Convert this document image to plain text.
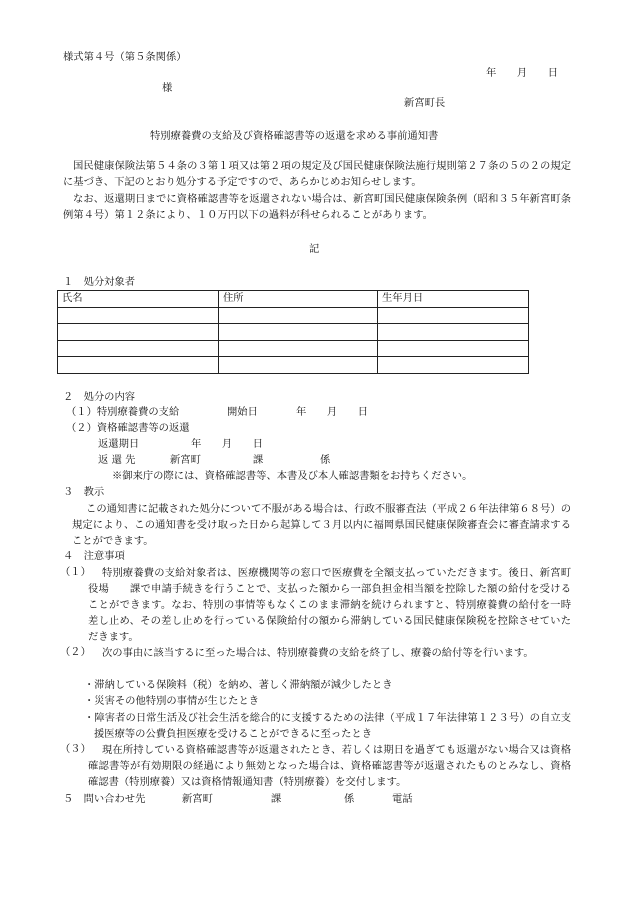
様式第４号（第５条関係）
年　　月　　日
様
新宮町長
特別療養費の支給及び資格確認書等の返還を求める事前通知書
国民健康保険法第５４条の３第１項又は第２項の規定及び国民健康保険法施行規則第２７条の５の２の規定に基づき、下記のとおり処分する予定ですので、あらかじめお知らせします。
なお、返還期日までに資格確認書等を返還されない場合は、新宮町国民健康保険条例（昭和３５年新宮町条例第４号）第１２条により、１０万円以下の過料が科せられることがあります。
記
１　処分対象者
氏名	住所	生年月日

２　処分の内容
（１）特別療養費の支給	開始日	年　　月　　日
（２）資格確認書等の返還
返還期日	年　　月　　日
返 還 先	新宮町	課	係
※御来庁の際には、資格確認書等、本書及び本人確認書類をお持ちください。
３　教示
この通知書に記載された処分について不服がある場合は、行政不服審査法（平成２６年法律第６８号）の規定により、この通知書を受け取った日から起算して３月以内に福岡県国民健康保険審査会に審査請求することができます。
４　注意事項
（１）	特別療養費の支給対象者は、医療機関等の窓口で医療費を全額支払っていただきます。後日、新宮町役場　　課で申請手続きを行うことで、支払った額から一部負担金相当額を控除した額の給付を受けることができます。なお、特別の事情等もなくこのまま滞納を続けられますと、特別療養費の給付を一時差し止め、その差し止めを行っている保険給付の額から滞納している国民健康保険税を控除させていただきます。
（２）	次の事由に該当するに至った場合は、特別療養費の支給を終了し、療養の給付等を行います。
・滞納している保険料（税）を納め、著しく滞納額が減少したとき
・災害その他特別の事情が生じたとき
・障害者の日常生活及び社会生活を総合的に支援するための法律（平成１７年法律第１２３号）の自立支援医療等の公費負担医療を受けることができるに至ったとき
（３）	現在所持している資格確認書等が返還されたとき、若しくは期日を過ぎても返還がない場合又は資格確認書等が有効期限の経過により無効となった場合は、資格確認書等が返還されたものとみなし、資格確認書（特別療養）又は資格情報通知書（特別療養）を交付します。
５　問い合わせ先	新宮町	課	係	電話
